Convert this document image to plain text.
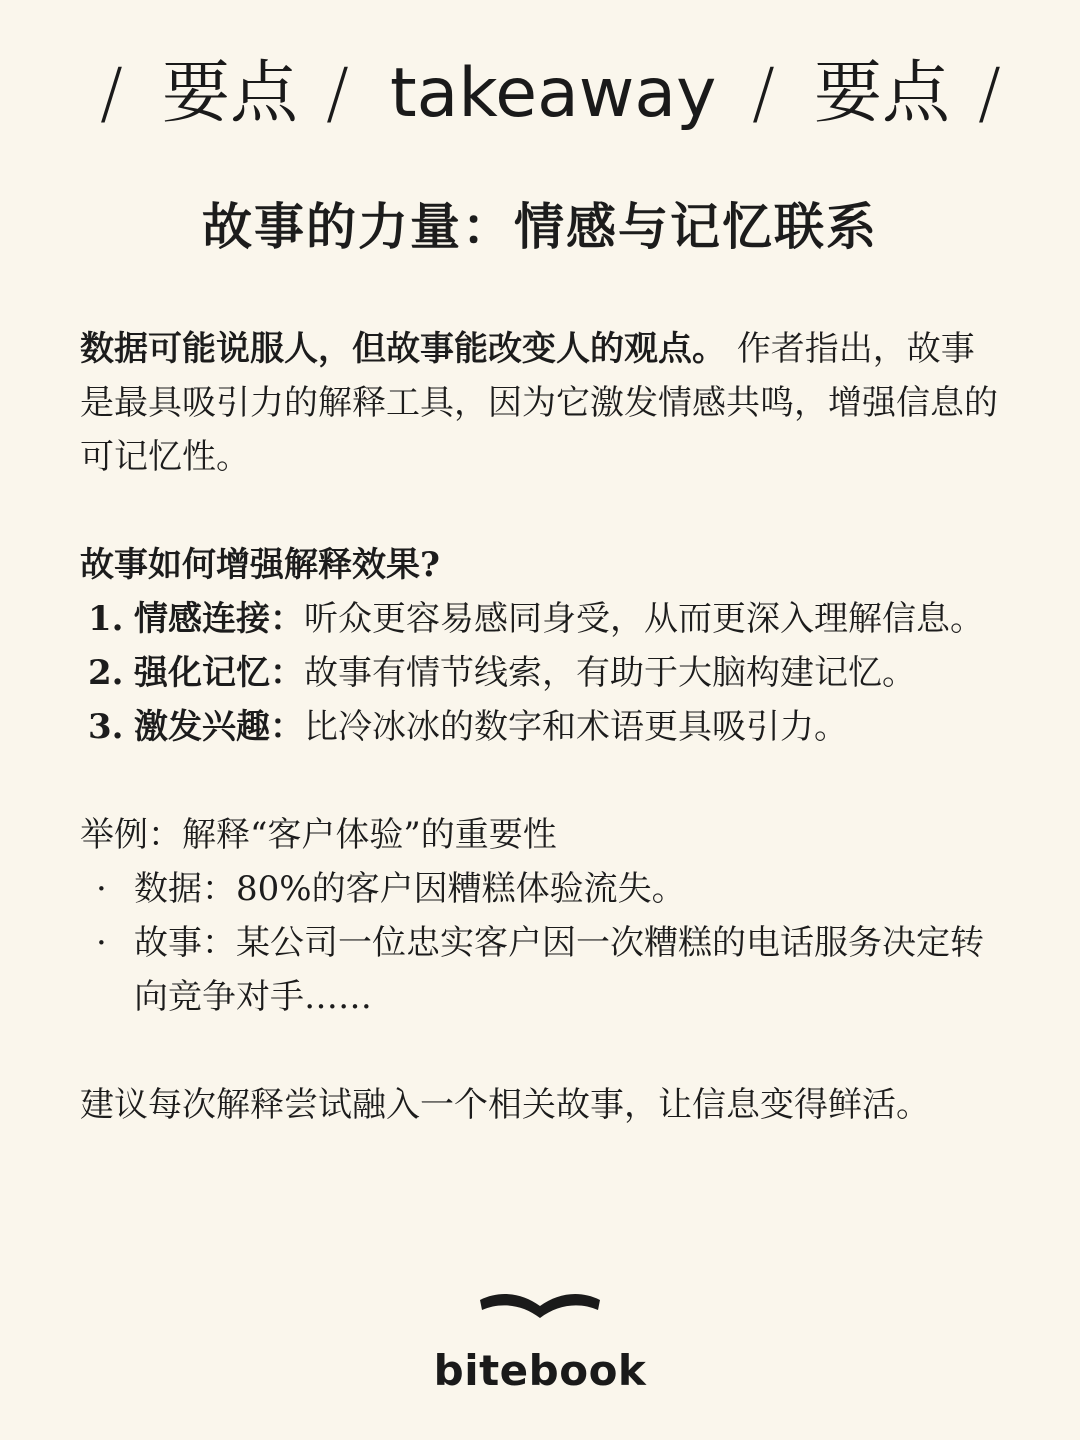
/ 要点 / takeaway / 要点 /
故事的力量：情感与记忆联系

数据可能说服人，但故事能改变人的观点。 作者指出，故事是最具吸引力的解释工具，因为它激发情感共鸣，增强信息的可记忆性。

故事如何增强解释效果?

1. 情感连接：听众更容易感同身受，从而更深入理解信息。
2. 强化记忆：故事有情节线索，有助于大脑构建记忆。
3. 激发兴趣：比冷冰冰的数字和术语更具吸引力。

举例：解释“客户体验”的重要性

· 数据：80%的客户因糟糕体验流失。
· 故事：某公司一位忠实客户因一次糟糕的电话服务决定转向竞争对手……

建议每次解释尝试融入一个相关故事，让信息变得鲜活。

bitebook
